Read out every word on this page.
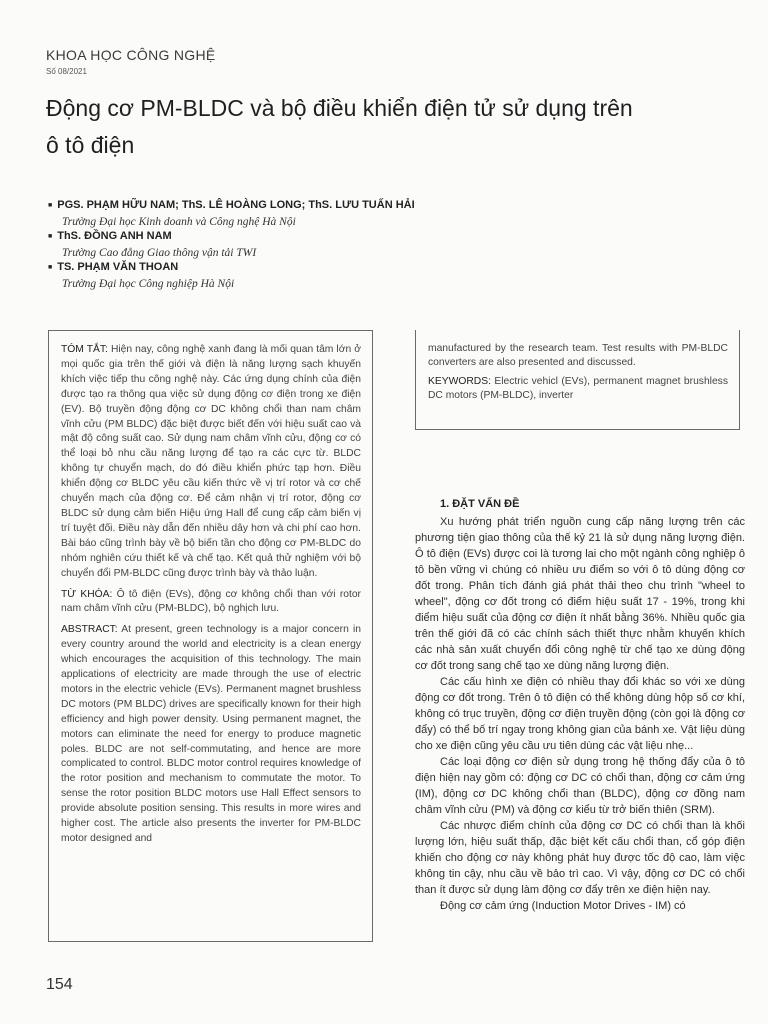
KHOA HỌC CÔNG NGHỆ
Số 08/2021
Động cơ PM-BLDC và bộ điều khiển điện tử sử dụng trên ô tô điện
■ PGS. PHẠM HỮU NAM; ThS. LÊ HOÀNG LONG; ThS. LƯU TUẤN HẢI
Trường Đại học Kinh doanh và Công nghệ Hà Nội
■ ThS. ĐỒNG ANH NAM
Trường Cao đẳng Giao thông vận tải TWI
■ TS. PHẠM VĂN THOAN
Trường Đại học Công nghiệp Hà Nội

TÓM TẮT: Hiện nay, công nghệ xanh đang là mối quan tâm lớn ở mọi quốc gia trên thế giới và điện là năng lượng sạch khuyến khích việc tiếp thu công nghệ này. Các ứng dụng chính của điện được tạo ra thông qua việc sử dụng động cơ điện trong xe điện (EV). Bộ truyền động động cơ DC không chổi than nam châm vĩnh cửu (PM BLDC) đặc biệt được biết đến với hiệu suất cao và mật độ công suất cao. Sử dụng nam châm vĩnh cửu, động cơ có thể loại bỏ nhu cầu năng lượng để tạo ra các cực từ. BLDC không tự chuyển mạch, do đó điều khiển phức tạp hơn. Điều khiển động cơ BLDC yêu cầu kiến thức về vị trí rotor và cơ chế chuyển mạch của động cơ. Để cảm nhận vị trí rotor, động cơ BLDC sử dụng cảm biến Hiệu ứng Hall để cung cấp cảm biến vị trí tuyệt đối. Điều này dẫn đến nhiều dây hơn và chi phí cao hơn. Bài báo cũng trình bày về bộ biến tần cho động cơ PM-BLDC do nhóm nghiên cứu thiết kế và chế tạo. Kết quả thử nghiệm với bộ chuyển đổi PM-BLDC cũng được trình bày và thảo luận.

TỪ KHÓA: Ô tô điện (EVs), động cơ không chổi than với rotor nam châm vĩnh cửu (PM-BLDC), bộ nghịch lưu.

ABSTRACT: At present, green technology is a major concern in every country around the world and electricity is a clean energy which encourages the acquisition of this technology. The main applications of electricity are made through the use of electric motors in the electric vehicle (EVs). Permanent magnet brushless DC motors (PM BLDC) drives are specifically known for their high efficiency and high power density. Using permanent magnet, the motors can eliminate the need for energy to produce magnetic poles. BLDC are not self-commutating, and hence are more complicated to control. BLDC motor control requires knowledge of the rotor position and mechanism to commutate the motor. To sense the rotor position BLDC motors use Hall Effect sensors to provide absolute position sensing. This results in more wires and higher cost. The article also presents the inverter for PM-BLDC motor designed and

manufactured by the research team. Test results with PM-BLDC converters are also presented and discussed.

KEYWORDS: Electric vehicl (EVs), permanent magnet brushless DC motors (PM-BLDC), inverter

1. ĐẶT VẤN ĐỀ

Xu hướng phát triển nguồn cung cấp năng lượng trên các phương tiện giao thông của thế kỷ 21 là sử dụng năng lượng điện. Ô tô điện (EVs) được coi là tương lai cho một ngành công nghiệp ô tô bền vững vì chúng có nhiều ưu điểm so với ô tô dùng động cơ đốt trong. Phân tích đánh giá phát thải theo chu trình "wheel to wheel", động cơ đốt trong có điểm hiệu suất 17 - 19%, trong khi điểm hiệu suất của động cơ điện ít nhất bằng 36%. Nhiều quốc gia trên thế giới đã có các chính sách thiết thực nhằm khuyến khích các nhà sản xuất chuyển đổi công nghệ từ chế tạo xe dùng động cơ đốt trong sang chế tạo xe dùng năng lượng điện.

Các cấu hình xe điện có nhiều thay đổi khác so với xe dùng động cơ đốt trong. Trên ô tô điện có thể không dùng hộp số cơ khí, không có trục truyền, động cơ điện truyền động (còn gọi là động cơ đẩy) có thể bố trí ngay trong không gian của bánh xe. Vật liệu dùng cho xe điện cũng yêu cầu ưu tiên dùng các vật liệu nhẹ...

Các loại động cơ điện sử dụng trong hệ thống đẩy của ô tô điện hiện nay gồm có: động cơ DC có chổi than, động cơ cảm ứng (IM), động cơ DC không chổi than (BLDC), động cơ đồng nam châm vĩnh cửu (PM) và động cơ kiểu từ trở biến thiên (SRM).

Các nhược điểm chính của động cơ DC có chổi than là khối lượng lớn, hiệu suất thấp, đặc biệt kết cấu chổi than, cổ góp điện khiến cho động cơ này không phát huy được tốc độ cao, làm việc không tin cậy, nhu cầu về bảo trì cao. Vì vậy, động cơ DC có chổi than ít được sử dụng làm động cơ đẩy trên xe điện hiện nay.

Động cơ cảm ứng (Induction Motor Drives - IM) có

154
